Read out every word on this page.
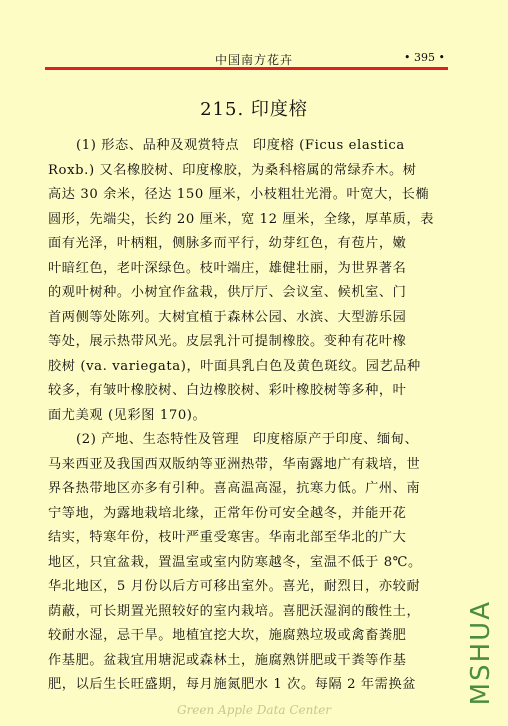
中国南方花卉	• 395 •
215. 印度榕
(1) 形态、品种及观赏特点　印度榕 (Ficus elastica
Roxb.) 又名橡胶树、印度橡胶，为桑科榕属的常绿乔木。树
高达 30 余米，径达 150 厘米，小枝粗壮光滑。叶宽大，长椭
圆形，先端尖，长约 20 厘米，宽 12 厘米，全缘，厚革质，表
面有光泽，叶柄粗，侧脉多而平行，幼芽红色，有苞片，嫩
叶暗红色，老叶深绿色。枝叶端庄，雄健壮丽，为世界著名
的观叶树种。小树宜作盆栽，供厅厅、会议室、候机室、门
首两侧等处陈列。大树宜植于森林公园、水滨、大型游乐园
等处，展示热带风光。皮层乳汁可提制橡胶。变种有花叶橡
胶树 (va. variegata)，叶面具乳白色及黄色斑纹。园艺品种
较多，有皱叶橡胶树、白边橡胶树、彩叶橡胶树等多种，叶
面尤美观 (见彩图 170)。
(2) 产地、生态特性及管理　印度榕原产于印度、缅甸、
马来西亚及我国西双版纳等亚洲热带，华南露地广有栽培，世
界各热带地区亦多有引种。喜高温高湿，抗寒力低。广州、南
宁等地，为露地栽培北缘，正常年份可安全越冬，并能开花
结实，特寒年份，枝叶严重受寒害。华南北部至华北的广大
地区，只宜盆栽，置温室或室内防寒越冬，室温不低于 8℃。
华北地区，5 月份以后方可移出室外。喜光，耐烈日，亦较耐
荫蔽，可长期置光照较好的室内栽培。喜肥沃湿润的酸性土，
较耐水湿，忌干旱。地植宜挖大坎，施腐熟垃圾或禽畜粪肥
作基肥。盆栽宜用塘泥或森林土，施腐熟饼肥或干粪等作基
肥，以后生长旺盛期，每月施氮肥水 1 次。每隔 2 年需换盆	MSHUA
Green Apple Data Center
